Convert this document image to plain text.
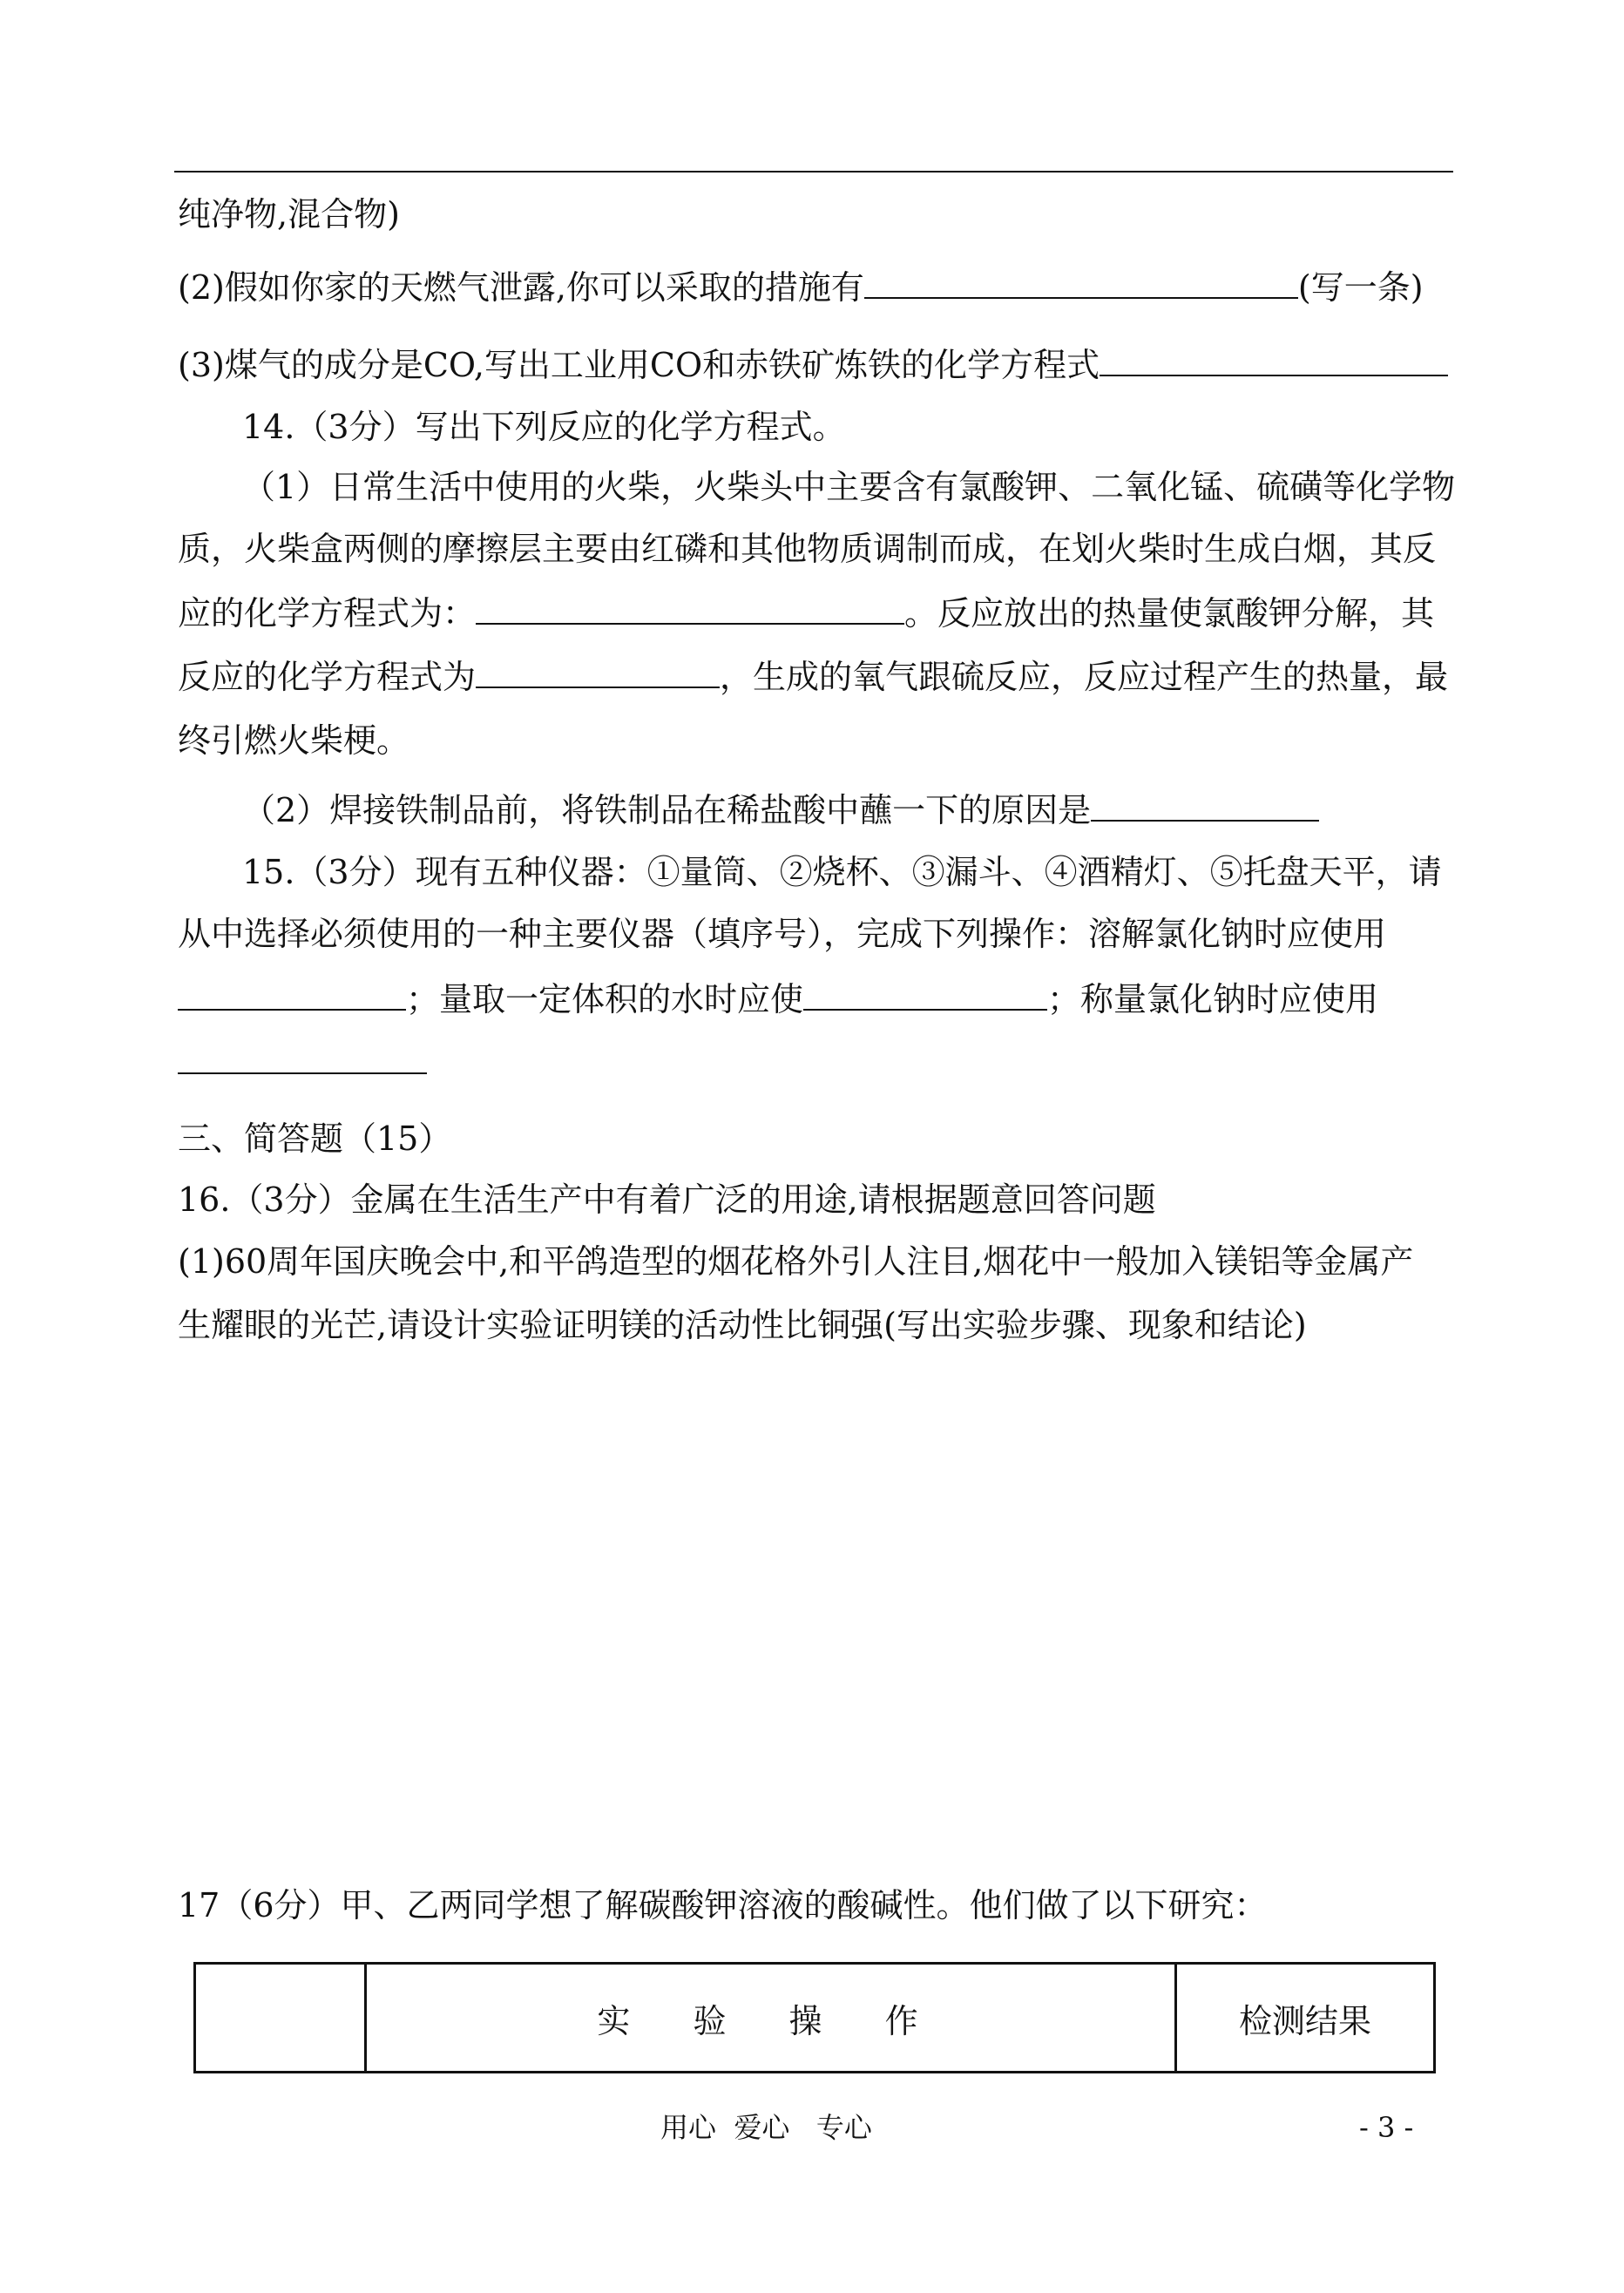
纯净物,混合物)
(2)假如你家的天燃气泄露,你可以采取的措施有	(写一条)
(3)煤气的成分是CO,写出工业用CO和赤铁矿炼铁的化学方程式
14.（3分）写出下列反应的化学方程式。
（1）日常生活中使用的火柴，火柴头中主要含有氯酸钾、二氧化锰、硫磺等化学物
质，火柴盒两侧的摩擦层主要由红磷和其他物质调制而成，在划火柴时生成白烟，其反
应的化学方程式为：	。反应放出的热量使氯酸钾分解，其
反应的化学方程式为	，生成的氧气跟硫反应，反应过程产生的热量，最
终引燃火柴梗。
（2）焊接铁制品前，将铁制品在稀盐酸中蘸一下的原因是
15.（3分）现有五种仪器：①量筒、②烧杯、③漏斗、④酒精灯、⑤托盘天平，请
从中选择必须使用的一种主要仪器（填序号），完成下列操作：溶解氯化钠时应使用
；量取一定体积的水时应使	；称量氯化钠时应使用
三、简答题（15）
16.（3分）金属在生活生产中有着广泛的用途,请根据题意回答问题
(1)60周年国庆晚会中,和平鸽造型的烟花格外引人注目,烟花中一般加入镁铝等金属产
生耀眼的光芒,请设计实验证明镁的活动性比铜强(写出实验步骤、现象和结论)
17（6分）甲、乙两同学想了解碳酸钾溶液的酸碱性。他们做了以下研究：
	实 验 操 作	检测结果
用心  爱心   专心	- 3 -
